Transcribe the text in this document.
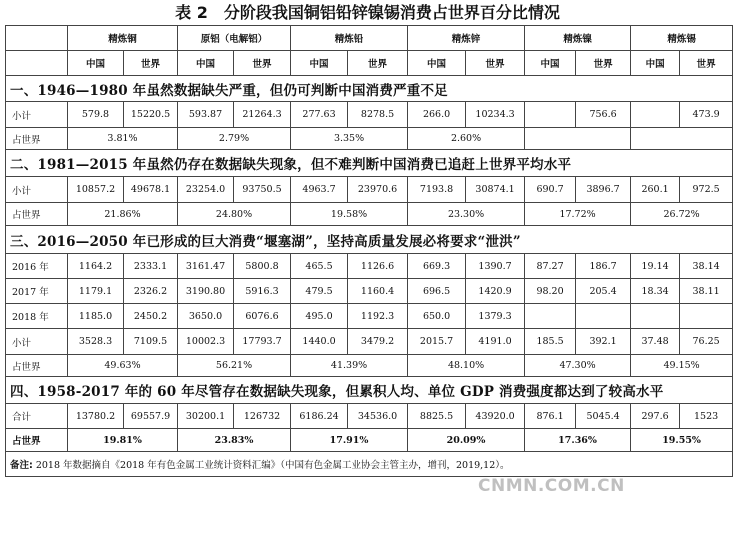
表 2　分阶段我国铜铝铅锌镍锡消费占世界百分比情况
	精炼铜		原铝（电解铝）		精炼铅		精炼锌		精炼镍		精炼锡	
	中国	世界	中国	世界	中国	世界	中国	世界	中国	世界	中国	世界
一、1946—1980 年虽然数据缺失严重，但仍可判断中国消费严重不足												
小计	579.8	15220.5	593.87	21264.3	277.63	8278.5	266.0	10234.3		756.6		473.9
占世界	3.81%		2.79%		3.35%		2.60%					
二、1981—2015 年虽然仍存在数据缺失现象，但不难判断中国消费已追赶上世界平均水平												
小计	10857.2	49678.1	23254.0	93750.5	4963.7	23970.6	7193.8	30874.1	690.7	3896.7	260.1	972.5
占世界	21.86%		24.80%		19.58%		23.30%		17.72%		26.72%	
三、2016—2050 年已形成的巨大消费“堰塞湖”，坚持高质量发展必将要求“泄洪”												
2016 年	1164.2	2333.1	3161.47	5800.8	465.5	1126.6	669.3	1390.7	87.27	186.7	19.14	38.14
2017 年	1179.1	2326.2	3190.80	5916.3	479.5	1160.4	696.5	1420.9	98.20	205.4	18.34	38.11
2018 年	1185.0	2450.2	3650.0	6076.6	495.0	1192.3	650.0	1379.3				
小计	3528.3	7109.5	10002.3	17793.7	1440.0	3479.2	2015.7	4191.0	185.5	392.1	37.48	76.25
占世界	49.63%		56.21%		41.39%		48.10%		47.30%		49.15%	
四、1958-2017 年的 60 年尽管存在数据缺失现象，但累积人均、单位 GDP 消费强度都达到了较高水平												
合计	13780.2	69557.9	30200.1	126732	6186.24	34536.0	8825.5	43920.0	876.1	5045.4	297.6	1523
占世界	19.81%		23.83%		17.91%		20.09%		17.36%		19.55%	
备注: 2018 年数据摘自《2018 年有色金属工业统计资料汇编》（中国有色金属工业协会主管主办，增刊，2019,12）。												
CNMN.COM.CN
